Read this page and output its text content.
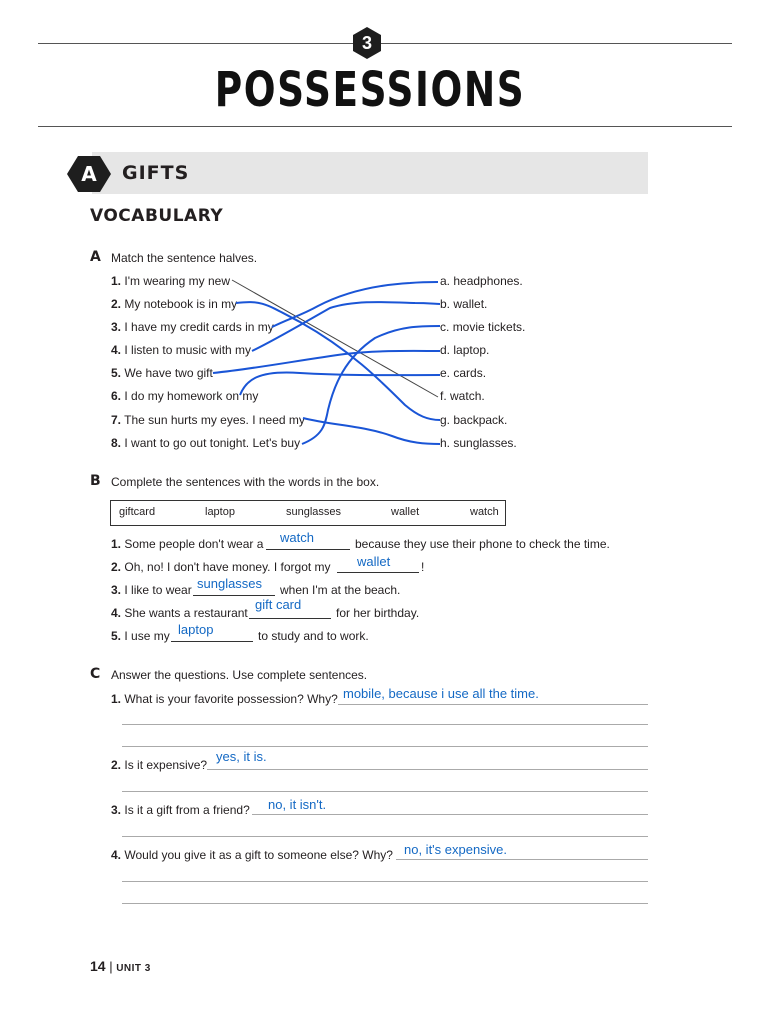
3
POSSESSIONS
A	GIFTS
VOCABULARY
A Match the sentence halves.
1. I'm wearing my new
2. My notebook is in my
3. I have my credit cards in my
4. I listen to music with my
5. We have two gift
6. I do my homework on my
7. The sun hurts my eyes. I need my
8. I want to go out tonight. Let's buy
a. headphones.
b. wallet.
c. movie tickets.
d. laptop.
e. cards.
f. watch.
g. backpack.
h. sunglasses.
B Complete the sentences with the words in the box.
giftcard	laptop	sunglasses	wallet	watch
1. Some people don't wear a watch	because they use their phone to check the time.
2. Oh, no! I don't have money. I forgot my wallet	!
3. I like to wear sunglasses when I'm at the beach.
4. She wants a restaurant
gift card
for her birthday.
5. I use my laptop	to study and to work.
C Answer the questions. Use complete sentences.
1. What is your favorite possession? Why? mobile, because i use all the time.
2. Is it expensive?
yes, it is.
3. Is it a gift from a friend? no, it isn't.
4. Would you give it as a gift to someone else? Why? no, it's expensive.
14 | UNIT 3
